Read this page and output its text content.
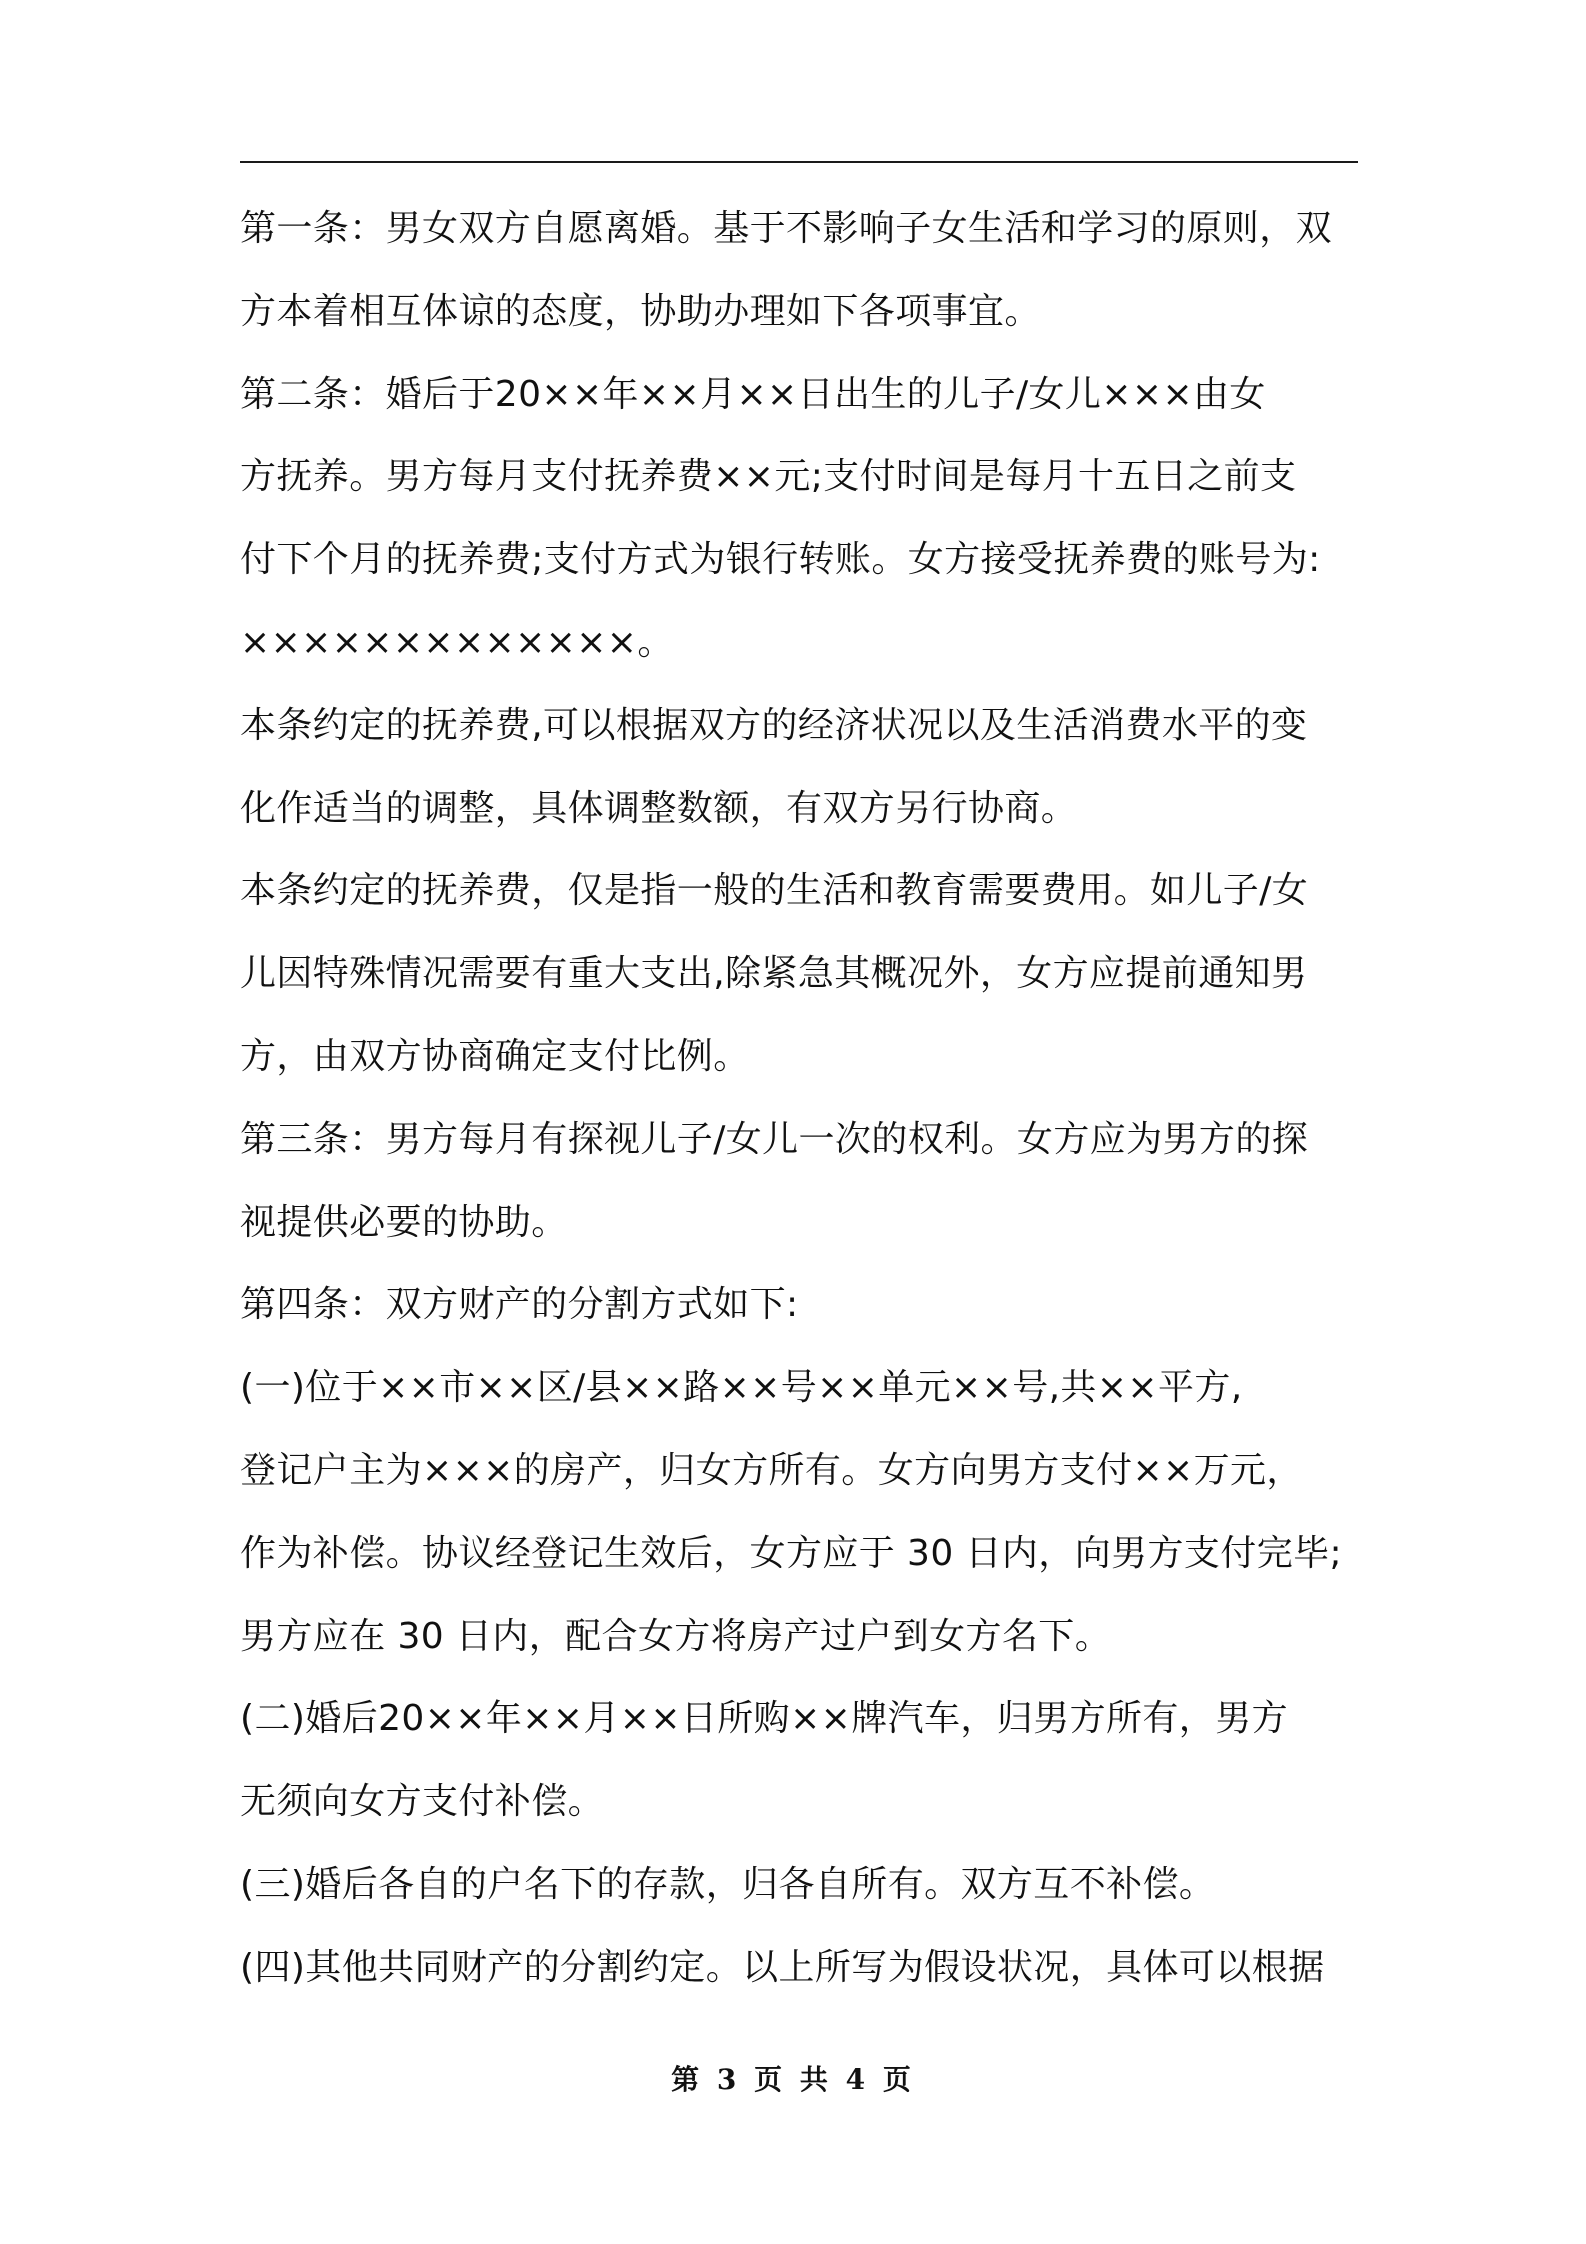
第一条：男女双方自愿离婚。基于不影响子女生活和学习的原则，双
方本着相互体谅的态度，协助办理如下各项事宜。
第二条：婚后于20××年××月××日出生的儿子/女儿×××由女
方抚养。男方每月支付抚养费××元;支付时间是每月十五日之前支
付下个月的抚养费;支付方式为银行转账。女方接受抚养费的账号为:
×××××××××××××。
本条约定的抚养费,可以根据双方的经济状况以及生活消费水平的变
化作适当的调整，具体调整数额，有双方另行协商。
本条约定的抚养费，仅是指一般的生活和教育需要费用。如儿子/女
儿因特殊情况需要有重大支出,除紧急其概况外，女方应提前通知男
方，由双方协商确定支付比例。
第三条：男方每月有探视儿子/女儿一次的权利。女方应为男方的探
视提供必要的协助。
第四条：双方财产的分割方式如下:
(一)位于××市××区/县××路××号××单元××号,共××平方,
登记户主为×××的房产，归女方所有。女方向男方支付××万元，
作为补偿。协议经登记生效后，女方应于 30 日内，向男方支付完毕;
男方应在 30 日内，配合女方将房产过户到女方名下。
(二)婚后20××年××月××日所购××牌汽车，归男方所有，男方
无须向女方支付补偿。
(三)婚后各自的户名下的存款，归各自所有。双方互不补偿。
(四)其他共同财产的分割约定。以上所写为假设状况，具体可以根据
第 3 页 共 4 页
